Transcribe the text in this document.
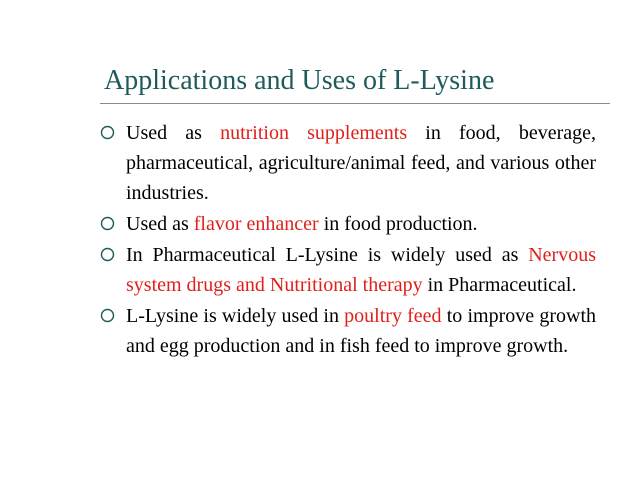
Applications and Uses of L-Lysine
Used as nutrition supplements in food, beverage, pharmaceutical, agriculture/animal feed, and various other industries.
Used as flavor enhancer in food production.
In Pharmaceutical L-Lysine is widely used as Nervous system drugs and Nutritional therapy in Pharmaceutical.
L-Lysine is widely used in poultry feed to improve growth and egg production and in fish feed to improve growth.
